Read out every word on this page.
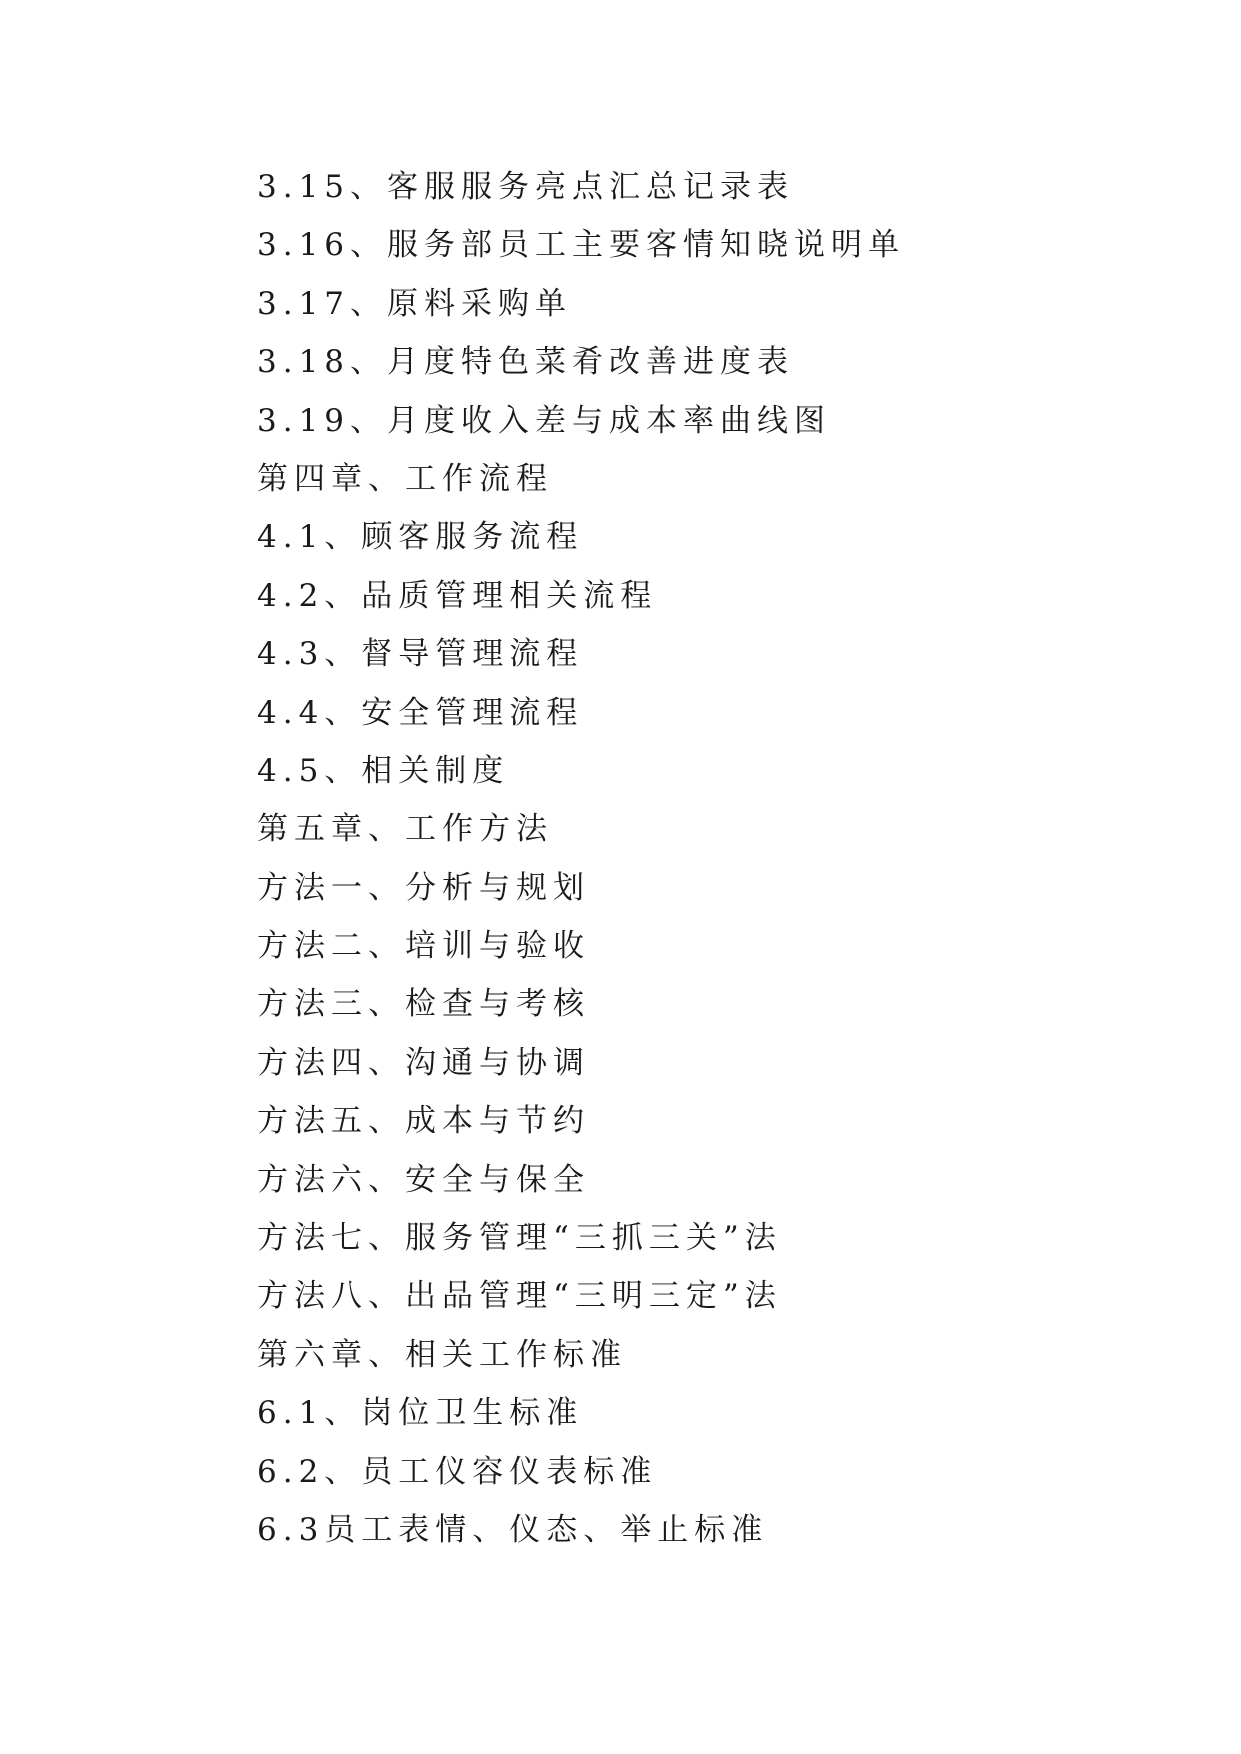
3.15、客服服务亮点汇总记录表
3.16、服务部员工主要客情知晓说明单
3.17、原料采购单
3.18、月度特色菜肴改善进度表
3.19、月度收入差与成本率曲线图
第四章、工作流程
4.1、顾客服务流程
4.2、品质管理相关流程
4.3、督导管理流程
4.4、安全管理流程
4.5、相关制度
第五章、工作方法
方法一、分析与规划
方法二、培训与验收
方法三、检查与考核
方法四、沟通与协调
方法五、成本与节约
方法六、安全与保全
方法七、服务管理“三抓三关”法
方法八、出品管理“三明三定”法
第六章、相关工作标准
6.1、岗位卫生标准
6.2、员工仪容仪表标准
6.3员工表情、仪态、举止标准
